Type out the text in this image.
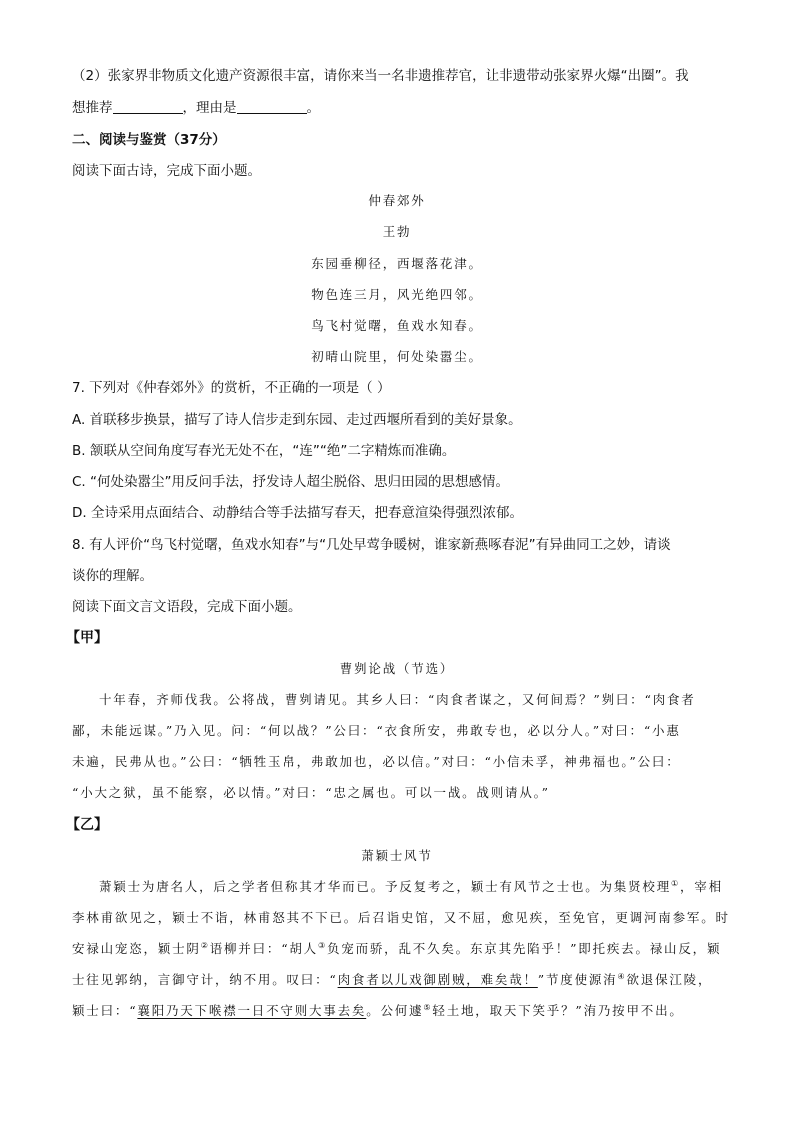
（2）张家界非物质文化遗产资源很丰富，请你来当一名非遗推荐官，让非遗带动张家界火爆“出圈”。我
想推荐	，理由是	。
二、阅读与鉴赏（37分）
阅读下面古诗，完成下面小题。
仲春郊外
王勃
东园垂柳径，西堰落花津。
物色连三月，风光绝四邻。
鸟飞村觉曙，鱼戏水知春。
初晴山院里，何处染嚣尘。
7. 下列对《仲春郊外》的赏析，不正确的一项是（ ）
A. 首联移步换景，描写了诗人信步走到东园、走过西堰所看到的美好景象。
B. 颔联从空间角度写春光无处不在，“连”“绝”二字精炼而准确。
C. “何处染嚣尘”用反问手法，抒发诗人超尘脱俗、思归田园的思想感情。
D. 全诗采用点面结合、动静结合等手法描写春天，把春意渲染得强烈浓郁。
8. 有人评价“鸟飞村觉曙，鱼戏水知春”与“几处早莺争暖树，谁家新燕啄春泥”有异曲同工之妙，请谈
谈你的理解。
阅读下面文言文语段，完成下面小题。
【甲】
曹刿论战（节选）
十年春，齐师伐我。公将战，曹刿请见。其乡人曰：“肉食者谋之，又何间焉？”刿曰：“肉食者
鄙，未能远谋。”乃入见。问：“何以战？”公曰：“衣食所安，弗敢专也，必以分人。”对曰：“小惠
未遍，民弗从也。”公曰：“牺牲玉帛，弗敢加也，必以信。”对曰：“小信未孚，神弗福也。”公曰：
“小大之狱，虽不能察，必以情。”对曰：“忠之属也。可以一战。战则请从。”
【乙】
萧颖士风节
萧颖士为唐名人，后之学者但称其才华而已。予反复考之，颖士有风节之士也。为集贤校理①，宰相
李林甫欲见之，颖士不诣，林甫怒其不下已。后召诣史馆，又不屈，愈见疾，至免官，更调河南参军。时
安禄山宠恣，颖士阴②语柳并曰：“胡人③负宠而骄，乱不久矣。东京其先陷乎！”即托疾去。禄山反，颖
士往见郭纳，言御守计，纳不用。叹曰：“肉食者以儿戏御剧贼，难矣哉！”节度使源洧④欲退保江陵，
颖士曰：“襄阳乃天下喉襟一日不守则大事去矣。公何遽⑤轻土地，取天下笑乎？”洧乃按甲不出。
